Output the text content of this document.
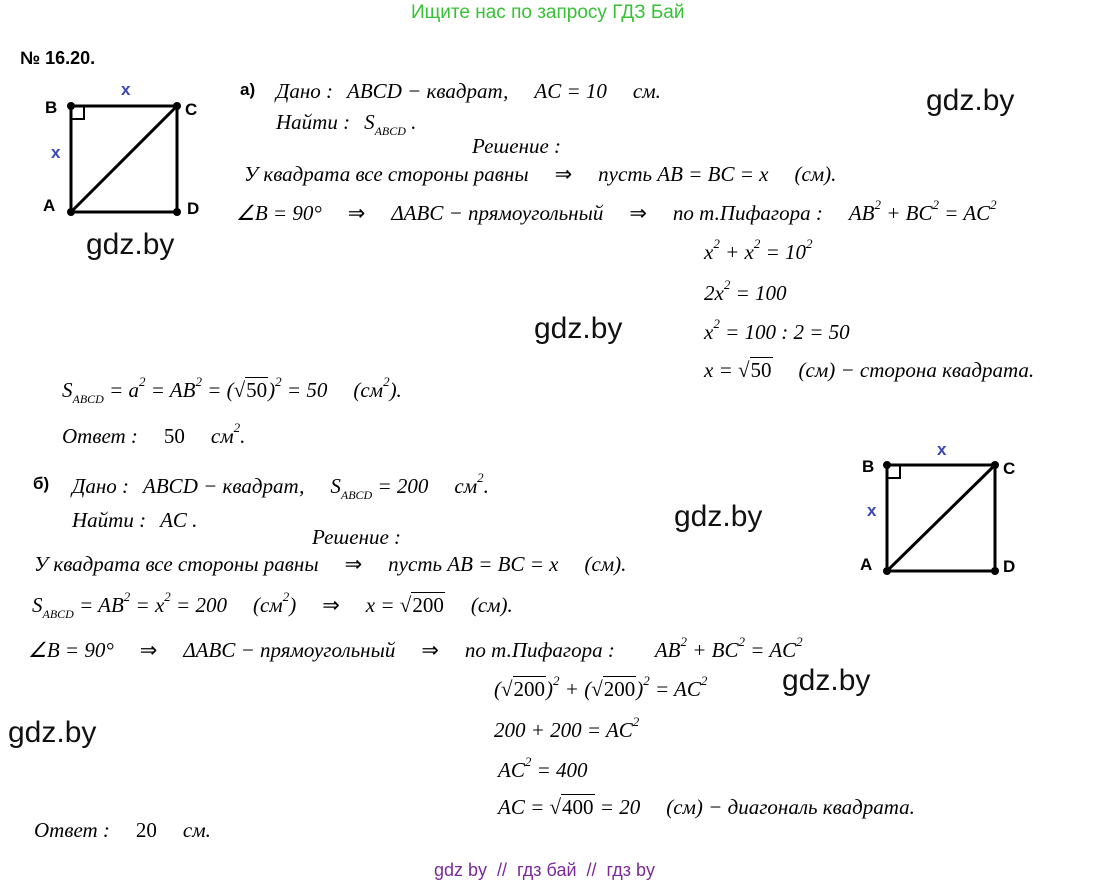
Ищите нас по запросу ГДЗ Бай
№ 16.20.
B	C
A	D
x
x
gdz.by
gdz.by
gdz.by
gdz.by
gdz.by
gdz.by
а) Дано : ABCD − квадрат, AC = 10 см.
Найти : $S_{ABCD}$ .
Решение :
У квадрата все стороны равны ⇒ пусть AB = BC = x (см).
∠B = 90° ⇒ ΔABC − прямоугольный ⇒ по т.Пифагора : $AB^2 + BC^2 = AC^2$
$x^2 + x^2 = 10^2$
$2x^2 = 100$
$x^2 = 100$ : 2 = 50
x = √50 (см) − сторона квадрата.
$S_{ABCD} = a^2 = AB^2 = (√50)^2 = 50$ $(см^2)$.
Ответ : 50 $см^2$.
B	C
A	D
x
x
б) Дано : ABCD − квадрат, $S_{ABCD} = 200$ $см^2$.
Найти : AC .
Решение :
У квадрата все стороны равны ⇒ пусть AB = BC = x (см).
$S_{ABCD} = AB^2 = x^2 = 200$ $(см^2)$ ⇒ x = √200 (см).
∠B = 90° ⇒ ΔABC − прямоугольный ⇒ по т.Пифагора : $AB^2 + BC^2 = AC^2$
$(√200)^2 + (√200)^2 = AC^2$
$200 + 200 = AC^2$
$AC^2 = 400$
AC = √400 = 20 (см) − диагональ квадрата.
Ответ : 20 см.
gdz by  //  гдз бай  //  гдз by
